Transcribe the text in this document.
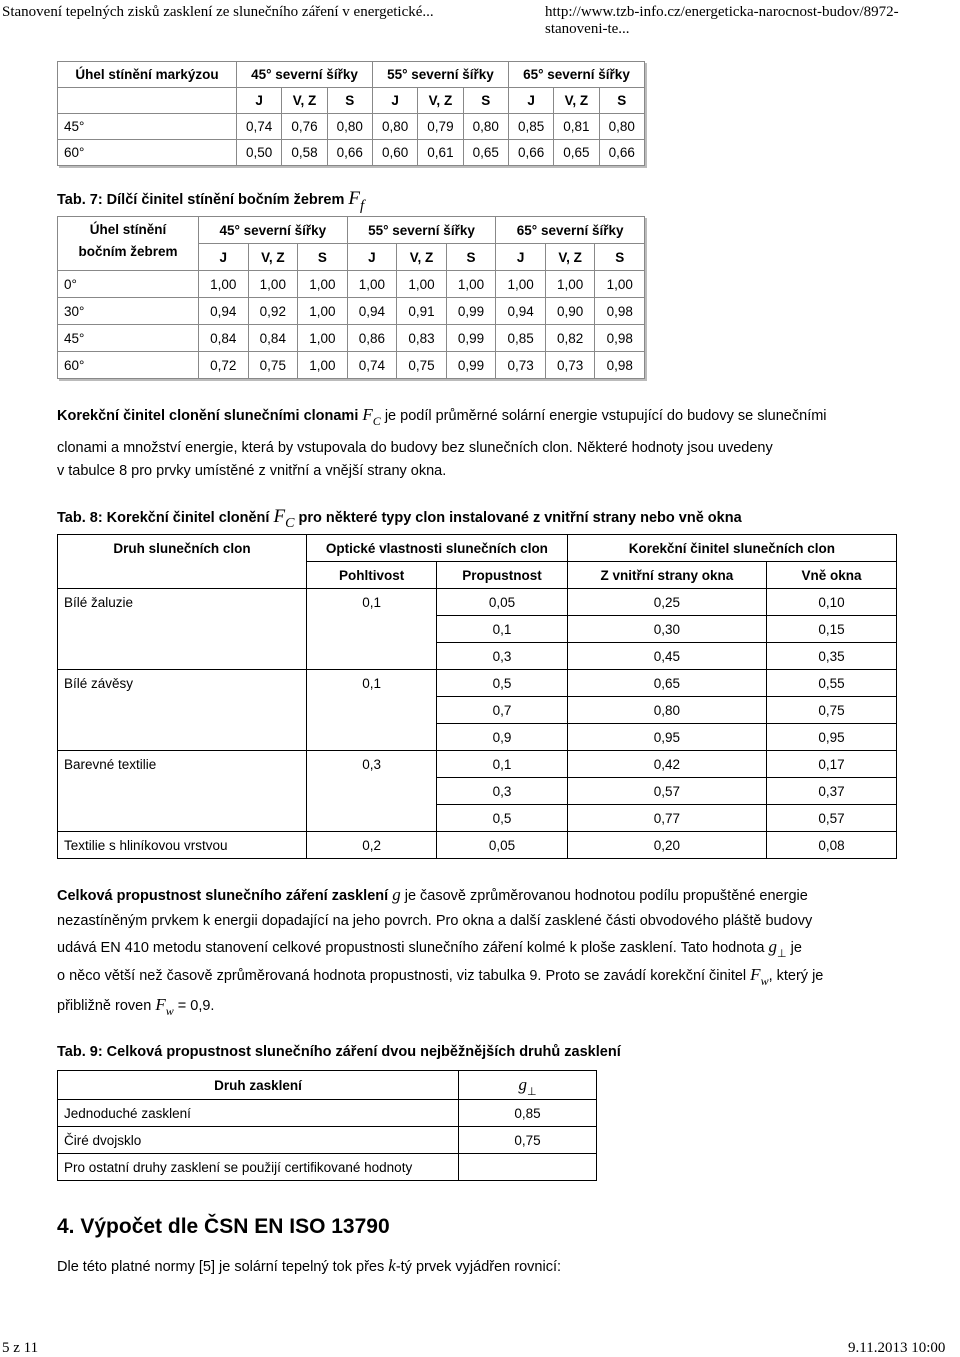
Stanovení tepelných zisků zasklení ze slunečního záření v energetické...	http://www.tzb-info.cz/energeticka-narocnost-budov/8972-stanoveni-te...
Úhel stínění markýzou	45° severní šířky			55° severní šířky			65° severní šířky		
	J	V, Z	S	J	V, Z	S	J	V, Z	S
45°	0,74	0,76	0,80	0,80	0,79	0,80	0,85	0,81	0,80
60°	0,50	0,58	0,66	0,60	0,61	0,65	0,66	0,65	0,66
Tab. 7: Dílčí činitel stínění bočním žebrem Ff
Úhel stínění
bočním žebrem	45° severní šířky			55° severní šířky			65° severní šířky		
	J	V, Z	S	J	V, Z	S	J	V, Z	S
0°	1,00	1,00	1,00	1,00	1,00	1,00	1,00	1,00	1,00
30°	0,94	0,92	1,00	0,94	0,91	0,99	0,94	0,90	0,98
45°	0,84	0,84	1,00	0,86	0,83	0,99	0,85	0,82	0,98
60°	0,72	0,75	1,00	0,74	0,75	0,99	0,73	0,73	0,98
Korekční činitel clonění slunečními clonami $F_C$ je podíl průměrné solární energie vstupující do budovy se slunečními
clonami a množství energie, která by vstupovala do budovy bez slunečních clon. Některé hodnoty jsou uvedeny
v tabulce 8 pro prvky umístěné z vnitřní a vnější strany okna.
Tab. 8: Korekční činitel clonění FC pro některé typy clon instalované z vnitřní strany nebo vně okna
Druh slunečních clon	Optické vlastnosti slunečních clon		Korekční činitel slunečních clon	
	Pohltivost	Propustnost	Z vnitřní strany okna	Vně okna
Bílé žaluzie	0,1	0,05	0,25	0,10
		0,1	0,30	0,15
		0,3	0,45	0,35
Bílé závěsy	0,1	0,5	0,65	0,55
		0,7	0,80	0,75
		0,9	0,95	0,95
Barevné textilie	0,3	0,1	0,42	0,17
		0,3	0,57	0,37
		0,5	0,77	0,57
Textilie s hliníkovou vrstvou	0,2	0,05	0,20	0,08
Celková propustnost slunečního záření zasklení g je časově zprůměrovanou hodnotou podílu propuštěné energie
nezastíněným prvkem k energii dopadající na jeho povrch. Pro okna a další zasklené části obvodového pláště budovy
udává EN 410 metodu stanovení celkové propustnosti slunečního záření kolmé k ploše zasklení. Tato hodnota $g_\perp$ je
o něco větší než časově zprůměrovaná hodnota propustnosti, viz tabulka 9. Proto se zavádí korekční činitel $F_w$, který je
přibližně roven $F_w = 0,9$.
Tab. 9: Celková propustnost slunečního záření dvou nejběžnějších druhů zasklení
Druh zasklení	$g_\perp$
Jednoduché zasklení	0,85
Čiré dvojsklo	0,75
Pro ostatní druhy zasklení se použijí certifikované hodnoty	
4. Výpočet dle ČSN EN ISO 13790
Dle této platné normy [5] je solární tepelný tok přes k-tý prvek vyjádřen rovnicí:
5 z 11	9.11.2013 10:00
